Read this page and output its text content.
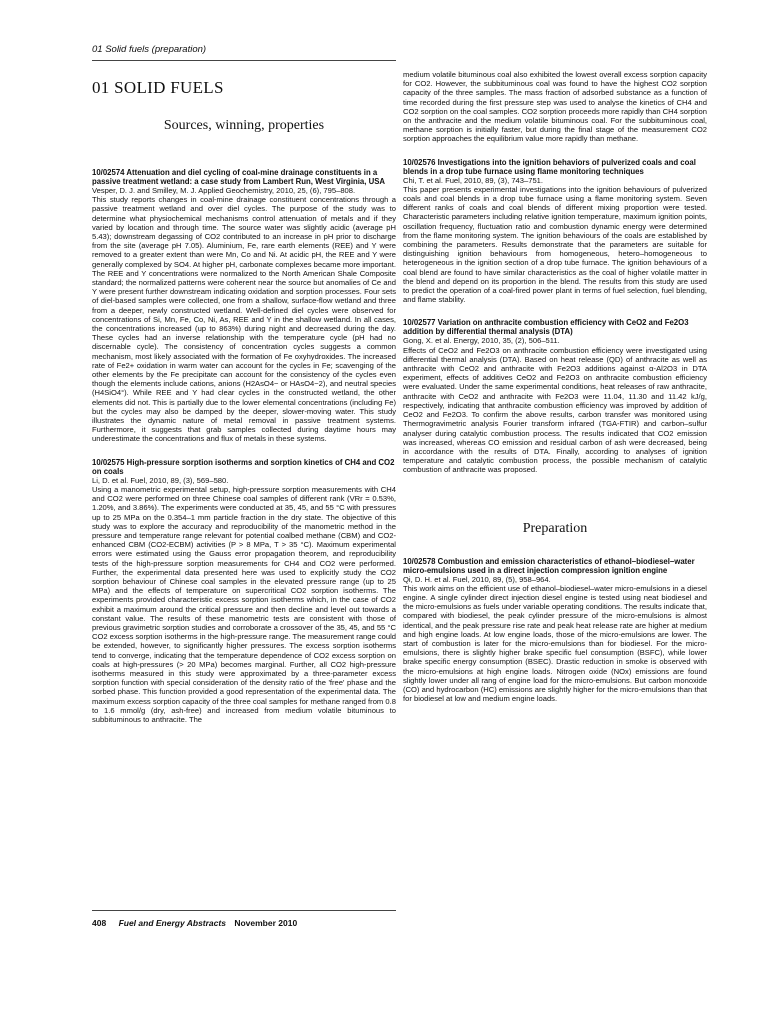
01 Solid fuels (preparation)
01 SOLID FUELS
Sources, winning, properties

10/02574 Attenuation and diel cycling of coal-mine drainage constituents in a passive treatment wetland: a case study from Lambert Run, West Virginia, USA

Vesper, D. J. and Smilley, M. J. Applied Geochemistry, 2010, 25, (6), 795–808.

This study reports changes in coal-mine drainage constituent concentrations through a passive treatment wetland and over diel cycles. The purpose of the study was to determine what physiochemical mechanisms control attenuation of metals and if they varied by location and through time. The source water was slightly acidic (average pH 5.43); downstream degassing of CO2 contributed to an increase in pH prior to discharge from the site (average pH 7.05). Aluminium, Fe, rare earth elements (REE) and Y were removed to a greater extent than were Mn, Co and Ni. At acidic pH, the REE and Y were generally complexed by SO4. At higher pH, carbonate complexes became more important. The REE and Y concentrations were normalized to the North American Shale Composite standard; the normalized patterns were coherent near the source but anomalies of Ce and Y were present further downstream indicating oxidation and sorption processes. Four sets of diel-based samples were collected, one from a shallow, surface-flow wetland and three from a deeper, newly constructed wetland. Well-defined diel cycles were observed for concentrations of Si, Mn, Fe, Co, Ni, As, REE and Y in the shallow wetland. In all cases, the concentrations increased (up to 863%) during night and decreased during the day. These cycles had an inverse relationship with the temperature cycle (pH had no discernable cycle). The consistency of concentration cycles suggests a common mechanism, most likely associated with the formation of Fe oxyhydroxides. The increased rate of Fe2+ oxidation in warm water can account for the cycles in Fe; scavenging of the other elements by the Fe precipitate can account for the consistency of the cycles even though the elements include cations, anions (H2AsO4− or HAsO4−2), and neutral species (H4SiO4°). While REE and Y had clear cycles in the constructed wetland, the other elements did not. This is partially due to the lower elemental concentrations (including Fe) but the cycles may also be damped by the deeper, slower-moving water. This study illustrates the dynamic nature of metal removal in passive treatment systems. Furthermore, it suggests that grab samples collected during daytime hours may underestimate the concentrations and flux of metals in these systems.

10/02575 High-pressure sorption isotherms and sorption kinetics of CH4 and CO2 on coals

Li, D. et al. Fuel, 2010, 89, (3), 569–580.

Using a manometric experimental setup, high-pressure sorption measurements with CH4 and CO2 were performed on three Chinese coal samples of different rank (VRr = 0.53%, 1.20%, and 3.86%). The experiments were conducted at 35, 45, and 55 °C with pressures up to 25 MPa on the 0.354–1 mm particle fraction in the dry state. The objective of this study was to explore the accuracy and reproducibility of the manometric method in the pressure and temperature range relevant for potential coalbed methane (CBM) and CO2-enhanced CBM (CO2-ECBM) activities (P > 8 MPa, T > 35 °C). Maximum experimental errors were estimated using the Gauss error propagation theorem, and reproducibility tests of the high-pressure sorption measurements for CH4 and CO2 were performed. Further, the experimental data presented here was used to explicitly study the CO2 sorption behaviour of Chinese coal samples in the elevated pressure range (up to 25 MPa) and the effects of temperature on supercritical CO2 sorption isotherms. The experiments provided characteristic excess sorption isotherms which, in the case of CO2 exhibit a maximum around the critical pressure and then decline and level out towards a constant value. The results of these manometric tests are consistent with those of previous gravimetric sorption studies and corroborate a crossover of the 35, 45, and 55 °C CO2 excess sorption isotherms in the high-pressure range. The measurement range could be extended, however, to significantly higher pressures. The excess sorption isotherms tend to converge, indicating that the temperature dependence of CO2 excess sorption on coals at high-pressures (> 20 MPa) becomes marginal. Further, all CO2 high-pressure isotherms measured in this study were approximated by a three-parameter excess sorption function with special consideration of the density ratio of the 'free' phase and the sorbed phase. This function provided a good representation of the experimental data. The maximum excess sorption capacity of the three coal samples for methane ranged from 0.8 to 1.6 mmol/g (dry, ash-free) and increased from medium volatile bituminous to subbituminous to anthracite. The

medium volatile bituminous coal also exhibited the lowest overall excess sorption capacity for CO2. However, the subbituminous coal was found to have the highest CO2 sorption capacity of the three samples. The mass fraction of adsorbed substance as a function of time recorded during the first pressure step was used to analyse the kinetics of CH4 and CO2 sorption on the coal samples. CO2 sorption proceeds more rapidly than CH4 sorption on the anthracite and the medium volatile bituminous coal. For the subbituminous coal, methane sorption is initially faster, but during the final stage of the measurement CO2 sorption approaches the equilibrium value more rapidly than methane.

10/02576 Investigations into the ignition behaviors of pulverized coals and coal blends in a drop tube furnace using flame monitoring techniques

Chi, T. et al. Fuel, 2010, 89, (3), 743–751.

This paper presents experimental investigations into the ignition behaviours of pulverized coals and coal blends in a drop tube furnace using a flame monitoring system. Seven different ranks of coals and coal blends of different mixing proportion were tested. Characteristic parameters including relative ignition temperature, maximum ignition points, oscillation frequency, fluctuation ratio and combustion dynamic energy were determined from the flame monitoring system. The ignition behaviours of the coals are established by combining the parameters. Results demonstrate that the parameters are suitable for distinguishing ignition behaviours from homogeneous, hetero–homogeneous to heterogeneous in the ignition section of a drop tube furnace. The ignition behaviours of a coal blend are found to have similar characteristics as the coal of higher volatile matter in the blend and depend on its proportion in the blend. The results from this study are used to predict the operation of a coal-fired power plant in terms of fuel selection, fuel blending, and flame stability.

10/02577 Variation on anthracite combustion efficiency with CeO2 and Fe2O3 addition by differential thermal analysis (DTA)

Gong, X. et al. Energy, 2010, 35, (2), 506–511.

Effects of CeO2 and Fe2O3 on anthracite combustion efficiency were investigated using differential thermal analysis (DTA). Based on heat release (QD) of anthracite as well as anthracite with CeO2 and anthracite with Fe2O3 additions against α-Al2O3 in DTA experiment, effects of additives CeO2 and Fe2O3 on anthracite combustion efficiency were evaluated. Under the same experimental conditions, heat releases of raw anthracite, anthracite with CeO2 and anthracite with Fe2O3 were 11.04, 11.30 and 11.42 kJ/g, respectively, indicating that anthracite combustion efficiency was improved by addition of CeO2 and Fe2O3. To confirm the above results, carbon transfer was monitored using Thermogravimetric analysis Fourier transform infrared (TGA-FTIR) and carbon–sulfur analyser during catalytic combustion process. The results indicated that CO2 emission was increased, whereas CO emission and residual carbon of ash were decreased, being in accordance with the results of DTA. Finally, according to analyses of ignition temperature and catalytic combustion process, the possible mechanism of catalytic combustion of anthracite was proposed.

Preparation

10/02578 Combustion and emission characteristics of ethanol–biodiesel–water micro-emulsions used in a direct injection compression ignition engine

Qi, D. H. et al. Fuel, 2010, 89, (5), 958–964.

This work aims on the efficient use of ethanol–biodiesel–water micro-emulsions in a diesel engine. A single cylinder direct injection diesel engine is tested using neat biodiesel and the micro-emulsions as fuels under variable operating conditions. The results indicate that, compared with biodiesel, the peak cylinder pressure of the micro-emulsions is almost identical, and the peak pressure rise rate and peak heat release rate are higher at medium and high engine loads. At low engine loads, those of the micro-emulsions are lower. The start of combustion is later for the micro-emulsions than for biodiesel. For the micro-emulsions, there is slightly higher brake specific fuel consumption (BSFC), while lower brake specific energy consumption (BSEC). Drastic reduction in smoke is observed with the micro-emulsions at high engine loads. Nitrogen oxide (NOx) emissions are found slightly lower under all rang of engine load for the micro-emulsions. But carbon monoxide (CO) and hydrocarbon (HC) emissions are slightly higher for the micro-emulsions than that for biodiesel at low and medium engine loads.

408 Fuel and Energy Abstracts November 2010
